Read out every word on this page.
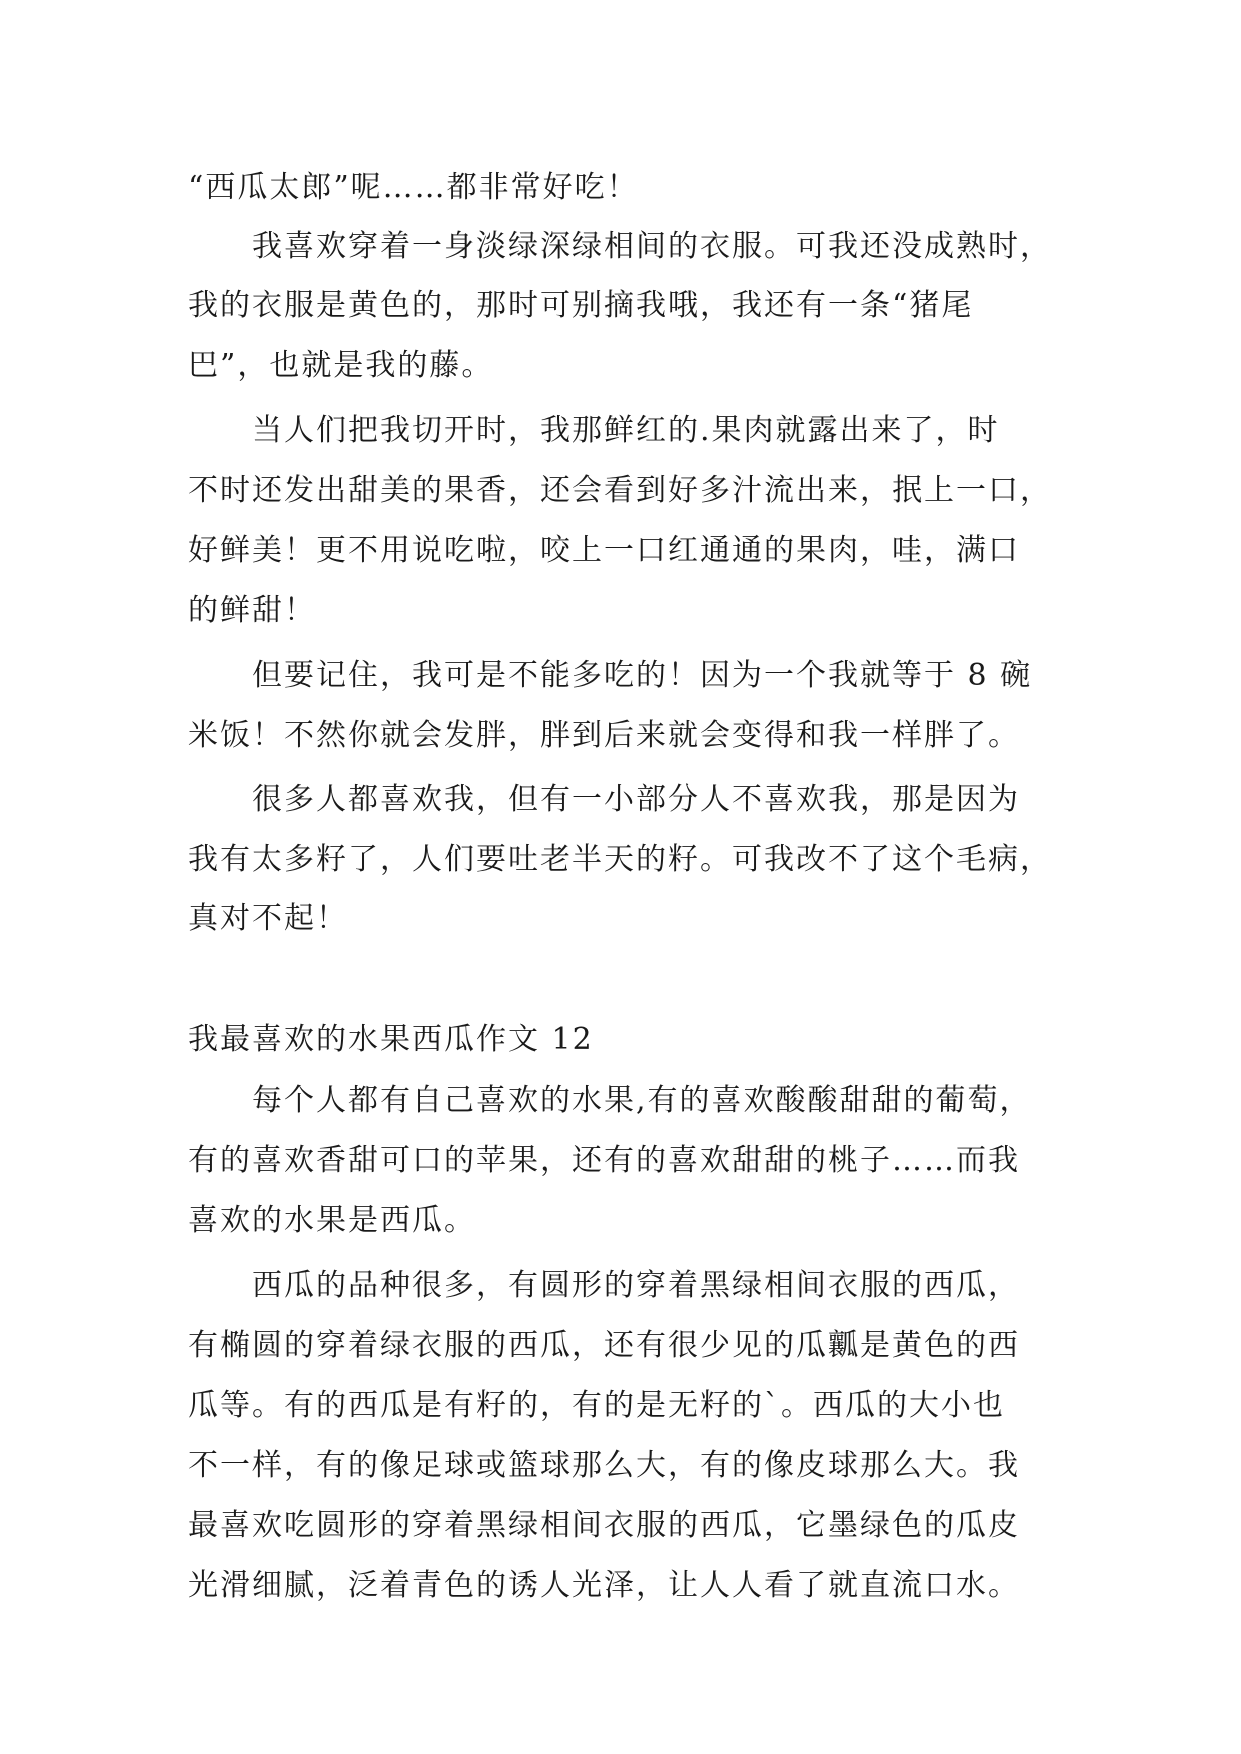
“西瓜太郎”呢……都非常好吃！
我喜欢穿着一身淡绿深绿相间的衣服。可我还没成熟时，
我的衣服是黄色的，那时可别摘我哦，我还有一条“猪尾
巴”，也就是我的藤。
当人们把我切开时，我那鲜红的.果肉就露出来了，时
不时还发出甜美的果香，还会看到好多汁流出来，抿上一口，
好鲜美！更不用说吃啦，咬上一口红通通的果肉，哇，满口
的鲜甜！
但要记住，我可是不能多吃的！因为一个我就等于 8 碗
米饭！不然你就会发胖，胖到后来就会变得和我一样胖了。
很多人都喜欢我，但有一小部分人不喜欢我，那是因为
我有太多籽了，人们要吐老半天的籽。可我改不了这个毛病，
真对不起！
我最喜欢的水果西瓜作文 12
每个人都有自己喜欢的水果,有的喜欢酸酸甜甜的葡萄，
有的喜欢香甜可口的苹果，还有的喜欢甜甜的桃子……而我
喜欢的水果是西瓜。
西瓜的品种很多，有圆形的穿着黑绿相间衣服的西瓜，
有椭圆的穿着绿衣服的西瓜，还有很少见的瓜瓤是黄色的西
瓜等。有的西瓜是有籽的，有的是无籽的`。西瓜的大小也
不一样，有的像足球或篮球那么大，有的像皮球那么大。我
最喜欢吃圆形的穿着黑绿相间衣服的西瓜，它墨绿色的瓜皮
光滑细腻，泛着青色的诱人光泽，让人人看了就直流口水。
